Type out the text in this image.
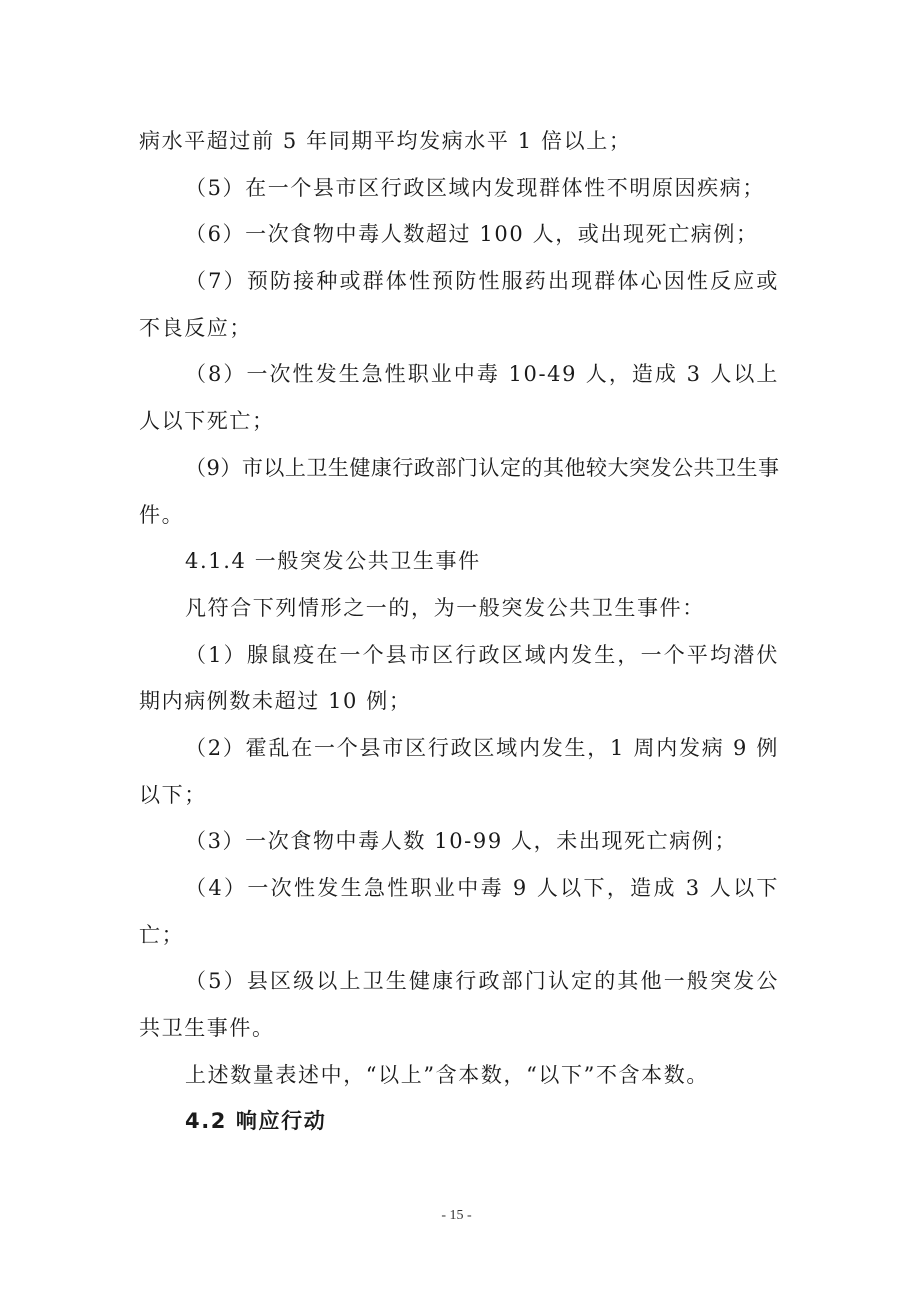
病水平超过前 5 年同期平均发病水平 1 倍以上；
（5）在一个县市区行政区域内发现群体性不明原因疾病；
（6）一次食物中毒人数超过 100 人，或出现死亡病例；
（7）预防接种或群体性预防性服药出现群体心因性反应或
不良反应；
（8）一次性发生急性职业中毒 10-49 人，造成 3 人以上
人以下死亡；
（9）市以上卫生健康行政部门认定的其他较大突发公共卫生事
件。
4.1.4 一般突发公共卫生事件
凡符合下列情形之一的，为一般突发公共卫生事件：
（1）腺鼠疫在一个县市区行政区域内发生，一个平均潜伏
期内病例数未超过 10 例；
（2）霍乱在一个县市区行政区域内发生，1 周内发病 9 例
以下；
（3）一次食物中毒人数 10-99 人，未出现死亡病例；
（4）一次性发生急性职业中毒 9 人以下，造成 3 人以下
亡；
（5）县区级以上卫生健康行政部门认定的其他一般突发公
共卫生事件。
上述数量表述中，“以上”含本数，“以下”不含本数。
4.2 响应行动
- 15 -
